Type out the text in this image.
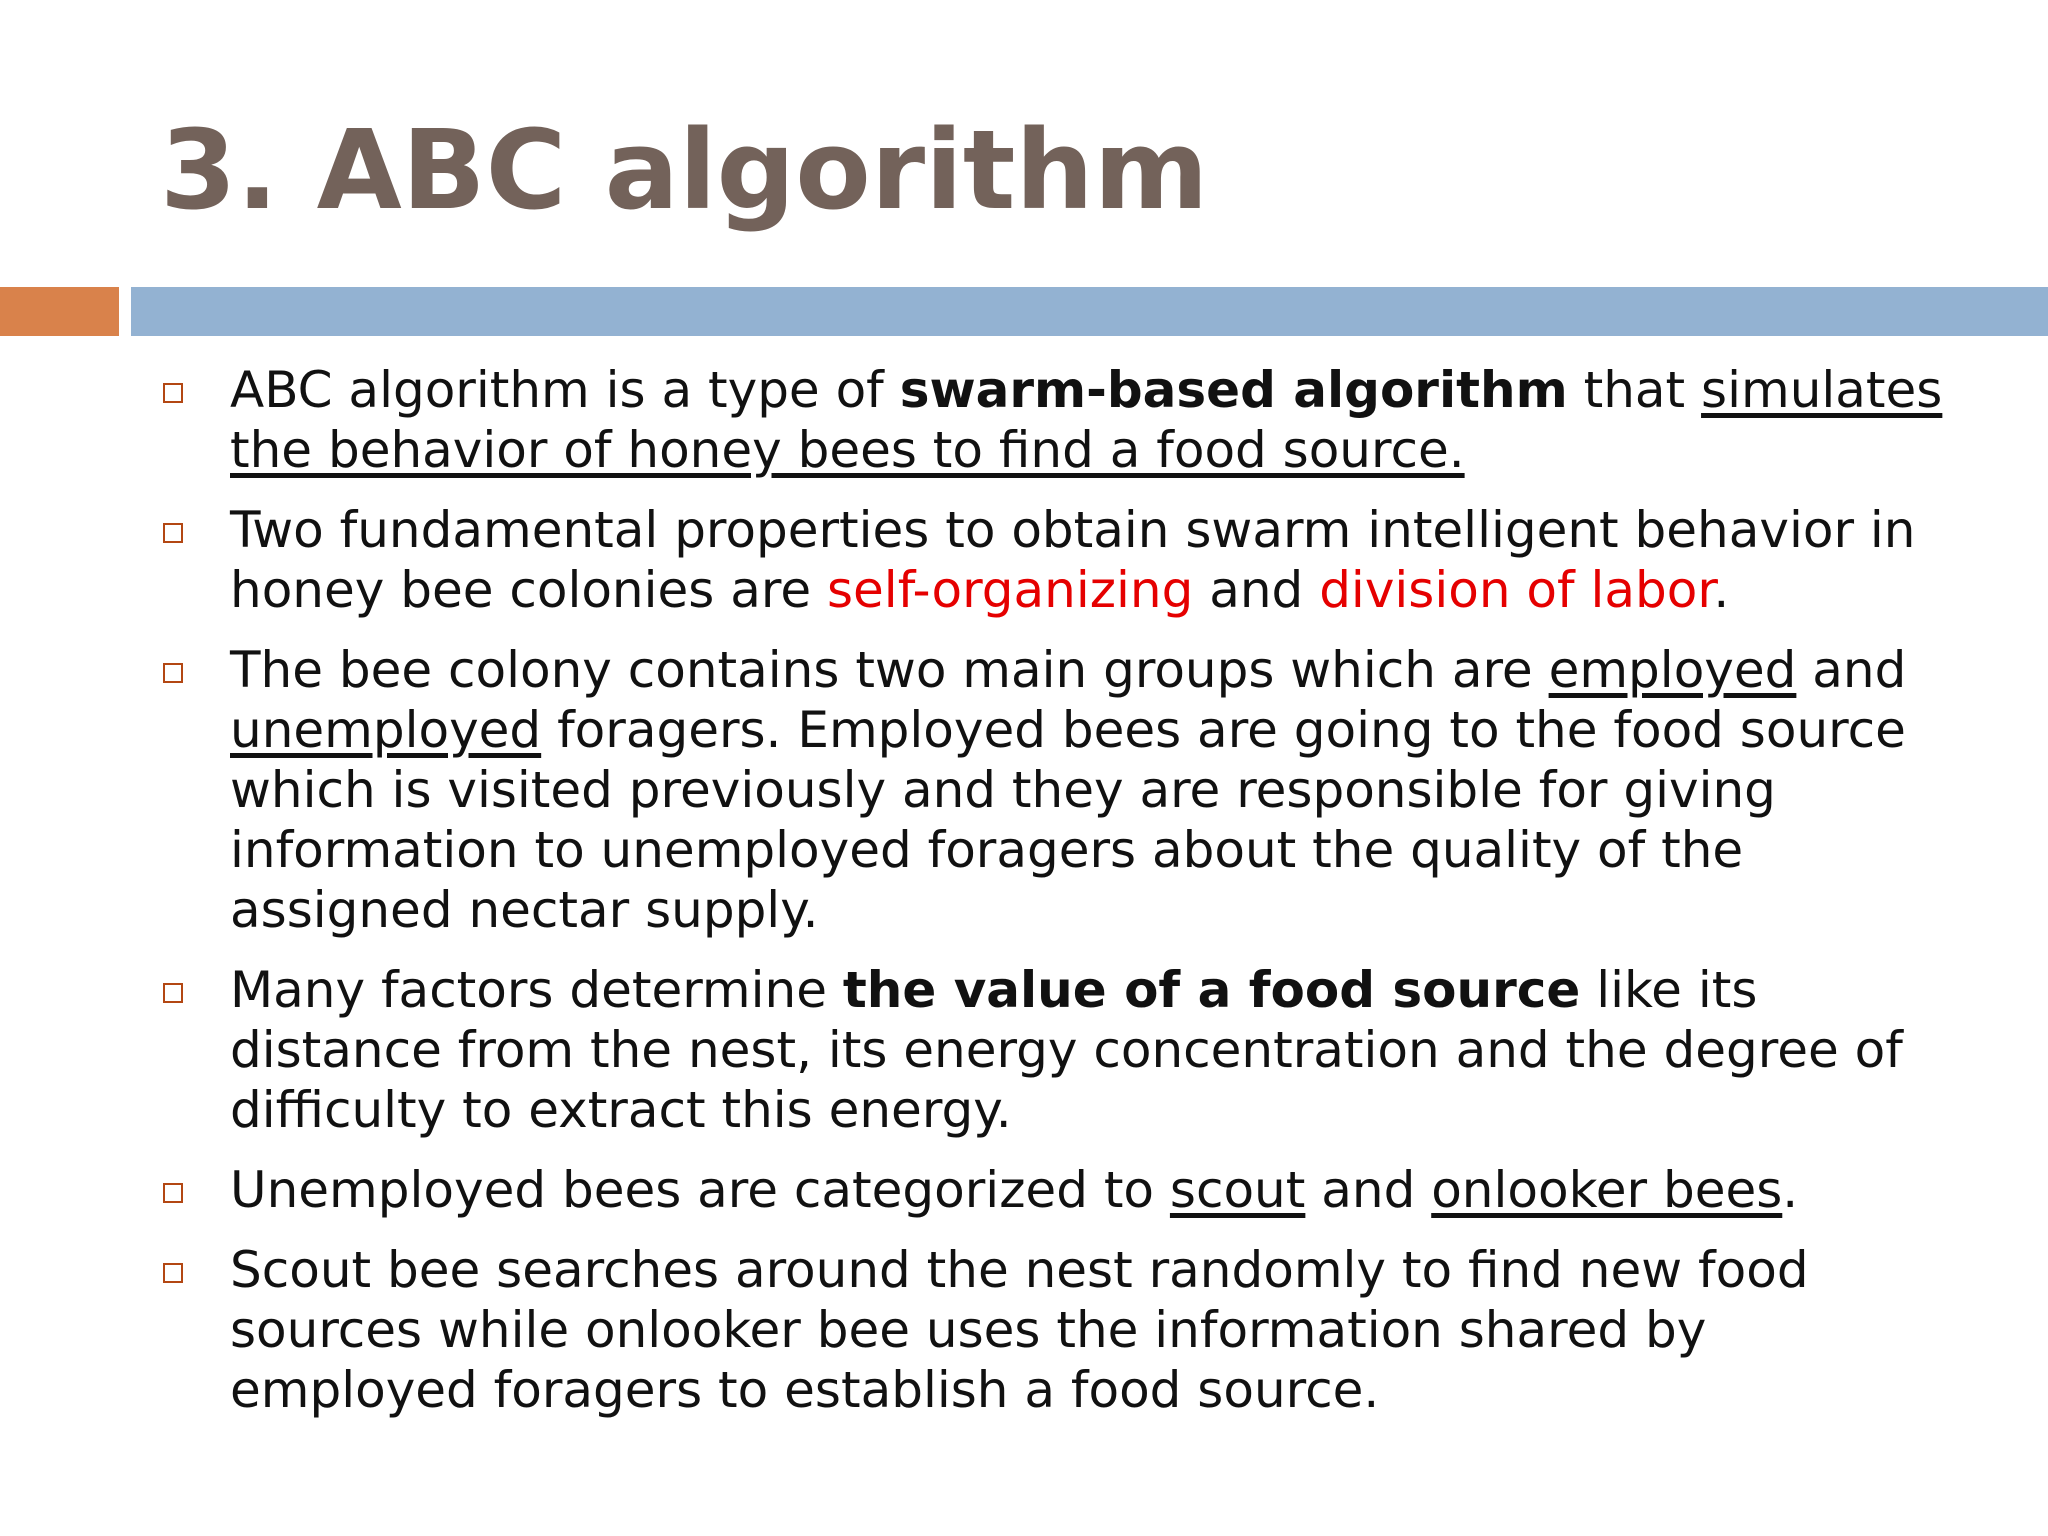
3. ABC algorithm
ABC algorithm is a type of swarm-based algorithm that simulates the behavior of honey bees to find a food source.
Two fundamental properties to obtain swarm intelligent behavior in honey bee colonies are self-organizing and division of labor.
The bee colony contains two main groups which are employed and unemployed foragers. Employed bees are going to the food source which is visited previously and they are responsible for giving information to unemployed foragers about the quality of the assigned nectar supply.
Many factors determine the value of a food source like its distance from the nest, its energy concentration and the degree of difficulty to extract this energy.
Unemployed bees are categorized to scout and onlooker bees.
Scout bee searches around the nest randomly to find new food sources while onlooker bee uses the information shared by employed foragers to establish a food source.
